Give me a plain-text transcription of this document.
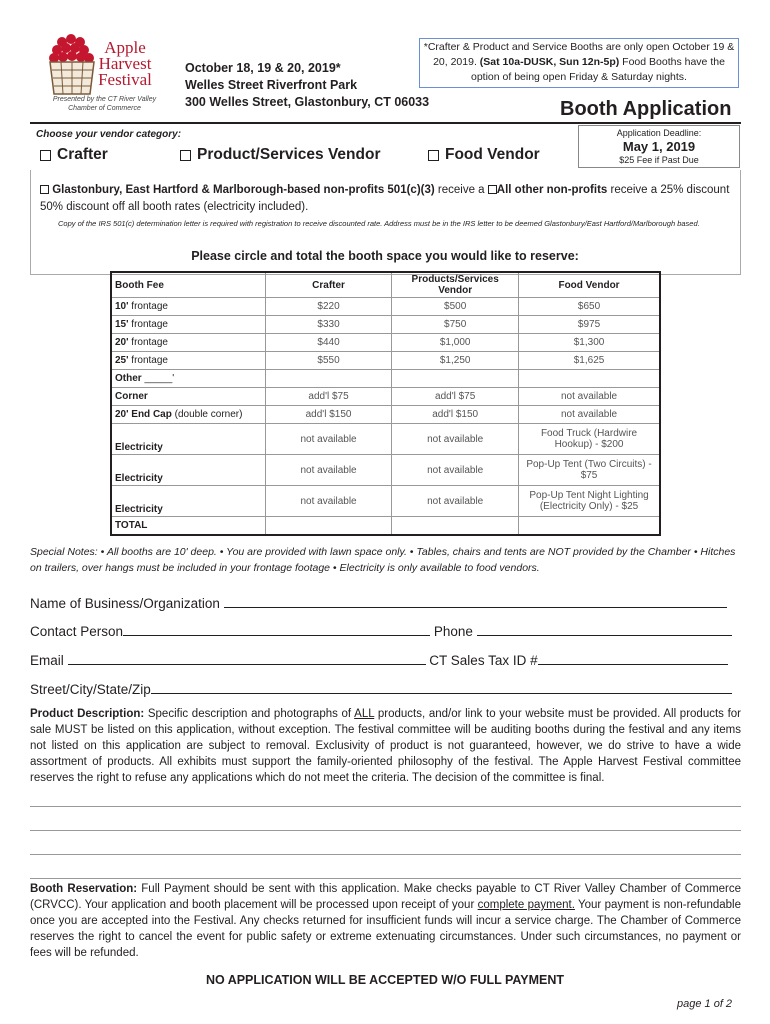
Apple
Harvest
Festival
Presented by the CT River Valley Chamber of Commerce
October 18, 19 & 20, 2019*
Welles Street Riverfront Park
300 Welles Street, Glastonbury, CT 06033
*Crafter & Product and Service Booths are only open October 19 & 20, 2019. (Sat 10a-DUSK, Sun 12n-5p) Food Booths have the option of being open Friday & Saturday nights.
Booth Application
Application Deadline:
May 1, 2019
$25 Fee if Past Due
Choose your vendor category:
Crafter	Product/Services Vendor	Food Vendor
Glastonbury, East Hartford & Marlborough-based non-profits 501(c)(3) receive a All other non-profits receive a 25% discount
50% discount off all booth rates (electricity included).
Copy of the IRS 501(c) determination letter is required with registration to receive discounted rate. Address must be in the IRS letter to be deemed Glastonbury/East Hartford/Marlborough based.
Please circle and total the booth space you would like to reserve:
Booth Fee	Crafter	Products/Services Vendor	Food Vendor
10' frontage	$220	$500	$650
15' frontage	$330	$750	$975
20' frontage	$440	$1,000	$1,300
25' frontage	$550	$1,250	$1,625
Other _____'			
Corner	add'l $75	add'l $75	not available
20' End Cap (double corner)	add'l $150	add'l $150	not available
Electricity	not available	not available	Food Truck (Hardwire Hookup) - $200
Electricity	not available	not available	Pop-Up Tent (Two Circuits) - $75
Electricity	not available	not available	Pop-Up Tent Night Lighting (Electricity Only) - $25
TOTAL			
Special Notes: • All booths are 10' deep. • You are provided with lawn space only. • Tables, chairs and tents are NOT provided by the Chamber • Hitches on trailers, over hangs must be included in your frontage footage • Electricity is only available to food vendors.
Name of Business/Organization
Contact Person	Phone
Email	CT Sales Tax ID #
Street/City/State/Zip
Product Description: Specific description and photographs of ALL products, and/or link to your website must be provided. All products for sale MUST be listed on this application, without exception. The festival committee will be auditing booths during the festival and any items not listed on this application are subject to removal. Exclusivity of product is not guaranteed, however, we do strive to have a wide assortment of products. All exhibits must support the family-oriented philosophy of the festival. The Apple Harvest Festival committee reserves the right to refuse any applications which do not meet the criteria. The decision of the committee is final.
Booth Reservation: Full Payment should be sent with this application. Make checks payable to CT River Valley Chamber of Commerce (CRVCC). Your application and booth placement will be processed upon receipt of your complete payment. Your payment is non-refundable once you are accepted into the Festival. Any checks returned for insufficient funds will incur a service charge. The Chamber of Commerce reserves the right to cancel the event for public safety or extreme extenuating circumstances. Under such circumstances, no payment or fees will be refunded.
NO APPLICATION WILL BE ACCEPTED W/O FULL PAYMENT
page 1 of 2
